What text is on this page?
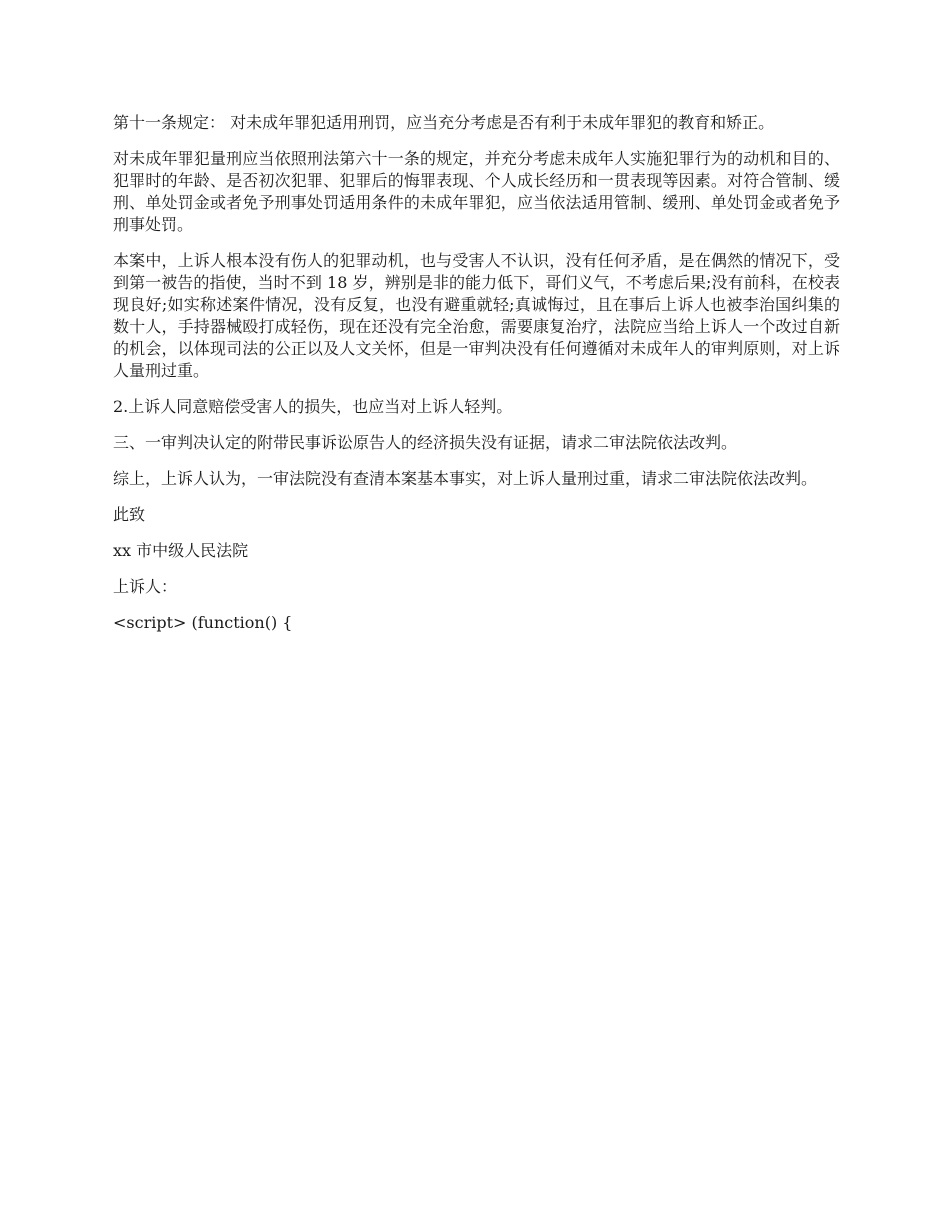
第十一条规定： 对未成年罪犯适用刑罚，应当充分考虑是否有利于未成年罪犯的教育和矫正。

对未成年罪犯量刑应当依照刑法第六十一条的规定，并充分考虑未成年人实施犯罪行为的动机和目的、犯罪时的年龄、是否初次犯罪、犯罪后的悔罪表现、个人成长经历和一贯表现等因素。对符合管制、缓刑、单处罚金或者免予刑事处罚适用条件的未成年罪犯，应当依法适用管制、缓刑、单处罚金或者免予刑事处罚。

本案中，上诉人根本没有伤人的犯罪动机，也与受害人不认识，没有任何矛盾，是在偶然的情况下，受到第一被告的指使，当时不到 18 岁，辨别是非的能力低下，哥们义气，不考虑后果;没有前科，在校表现良好;如实称述案件情况，没有反复，也没有避重就轻;真诚悔过，且在事后上诉人也被李治国纠集的数十人，手持器械殴打成轻伤，现在还没有完全治愈，需要康复治疗，法院应当给上诉人一个改过自新的机会，以体现司法的公正以及人文关怀，但是一审判决没有任何遵循对未成年人的审判原则，对上诉人量刑过重。

2.上诉人同意赔偿受害人的损失，也应当对上诉人轻判。

三、一审判决认定的附带民事诉讼原告人的经济损失没有证据，请求二审法院依法改判。

综上，上诉人认为，一审法院没有查清本案基本事实，对上诉人量刑过重，请求二审法院依法改判。

此致

xx 市中级人民法院

上诉人：

<script> (function() {
